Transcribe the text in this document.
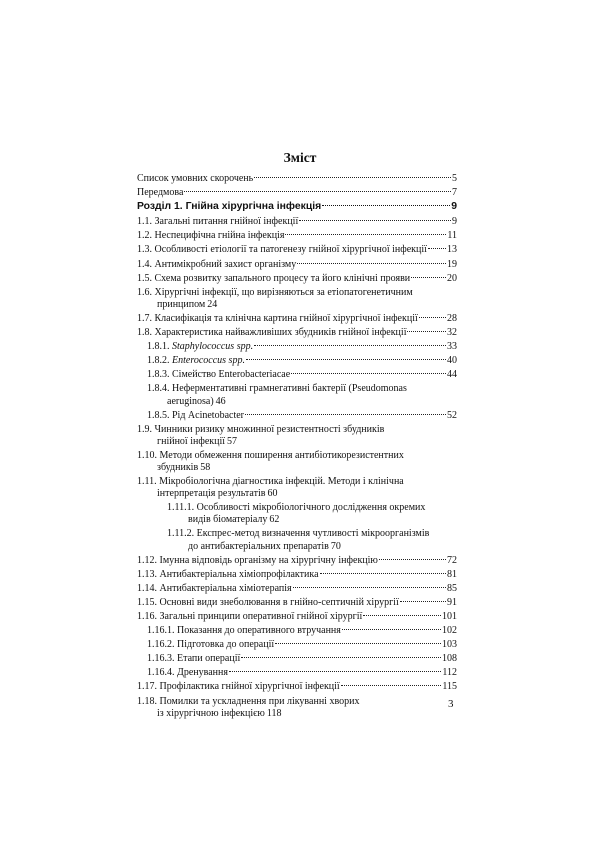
Зміст
Список умовних скорочень	5
Передмова	7
Розділ 1. Гнійна хірургічна інфекція	9
1.1. Загальні питання гнійної інфекції	9
1.2. Неспецифічна гнійна інфекція	11
1.3. Особливості етіології та патогенезу гнійної хірургічної інфекції 13
1.4. Антимікробний захист організму	19
1.5. Схема розвитку запального процесу та його клінічні прояви	20
1.6. Хірургічні інфекції, що вирізняються за етіопатогенетичним
принципом 24
1.7. Класифікація та клінічна картина гнійної хірургічної інфекції	28
1.8. Характеристика найважливіших збудників гнійної інфекції	32
1.8.1. Staphylococcus spp.	33
1.8.2. Enterococcus spp.	40
1.8.3. Сімейство Enterobacteriacae	44
1.8.4. Неферментативні грамнегативні бактерії (Pseudomonas
aeruginosa) 46
1.8.5. Рід Acinetobacter	52
1.9. Чинники ризику множинної резистентності збудників
гнійної інфекції 57
1.10. Методи обмеження поширення антибіотикорезистентних
збудників 58
1.11. Мікробіологічна діагностика інфекцій. Методи і клінічна
інтерпретація результатів 60
1.11.1. Особливості мікробіологічного дослідження окремих
видів біоматеріалу 62
1.11.2. Експрес-метод визначення чутливості мікроорганізмів
до антибактеріальних препаратів 70
1.12. Імунна відповідь організму на хірургічну інфекцію	72
1.13. Антибактеріальна хіміопрофілактика	81
1.14. Антибактеріальна хіміотерапія	85
1.15. Основні види знеболювання в гнійно-септичній хірургії	91
1.16. Загальні принципи оперативної гнійної хірургії	101
1.16.1. Показання до оперативного втручання	102
1.16.2. Підготовка до операції	103
1.16.3. Етапи операції	108
1.16.4. Дренування	112
1.17. Профілактика гнійної хірургічної інфекції	115
1.18. Помилки та ускладнення при лікуванні хворих
із хірургічною інфекцією 118
3
